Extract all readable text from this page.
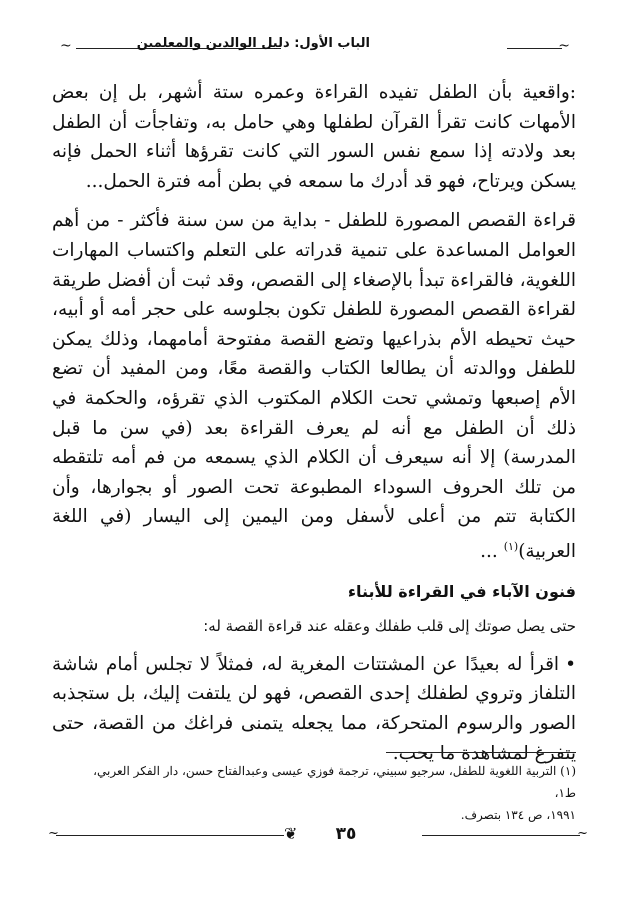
~	الباب الأول: دليل الوالدين والمعلمين	~

:واقعية بأن الطفل تفيده القراءة وعمره ستة أشهر، بل إن بعض الأمهات كانت تقرأ القرآن لطفلها وهي حامل به، وتفاجأت أن الطفل بعد ولادته إذا سمع نفس السور التي كانت تقرؤها أثناء الحمل فإنه يسكن ويرتاح، فهو قد أدرك ما سمعه في بطن أمه فترة الحمل...

قراءة القصص المصورة للطفل - بداية من سن سنة فأكثر - من أهم العوامل المساعدة على تنمية قدراته على التعلم واكتساب المهارات اللغوية، فالقراءة تبدأ بالإصغاء إلى القصص، وقد ثبت أن أفضل طريقة لقراءة القصص المصورة للطفل تكون بجلوسه على حجر أمه أو أبيه، حيث تحيطه الأم بذراعيها وتضع القصة مفتوحة أمامهما، وذلك يمكن للطفل ووالدته أن يطالعا الكتاب والقصة معًا، ومن المفيد أن تضع الأم إصبعها وتمشي تحت الكلام المكتوب الذي تقرؤه، والحكمة في ذلك أن الطفل مع أنه لم يعرف القراءة بعد (في سن ما قبل المدرسة) إلا أنه سيعرف أن الكلام الذي يسمعه من فم أمه تلتقطه من تلك الحروف السوداء المطبوعة تحت الصور أو بجوارها، وأن الكتابة تتم من أعلى لأسفل ومن اليمين إلى اليسار (في اللغة العربية)$^{(١)}$ ...

فنون الآباء في القراءة للأبناء
حتى يصل صوتك إلى قلب طفلك وعقله عند قراءة القصة له:

•اقرأ له بعيدًا عن المشتتات المغرية له، فمثلاً لا تجلس أمام شاشة التلفاز وتروي لطفلك إحدى القصص، فهو لن يلتفت إليك، بل ستجذبه الصور والرسوم المتحركة، مما يجعله يتمنى فراغك من القصة، حتى يتفرغ لمشاهدة ما يحب.

(١) التربية اللغوية للطفل، سرجيو سبيني، ترجمة فوزي عيسى وعبدالفتاح حسن، دار الفكر العربي، ط١،

١٩٩١، ص ١٣٤ بتصرف.

~	❦	٣٥	~
